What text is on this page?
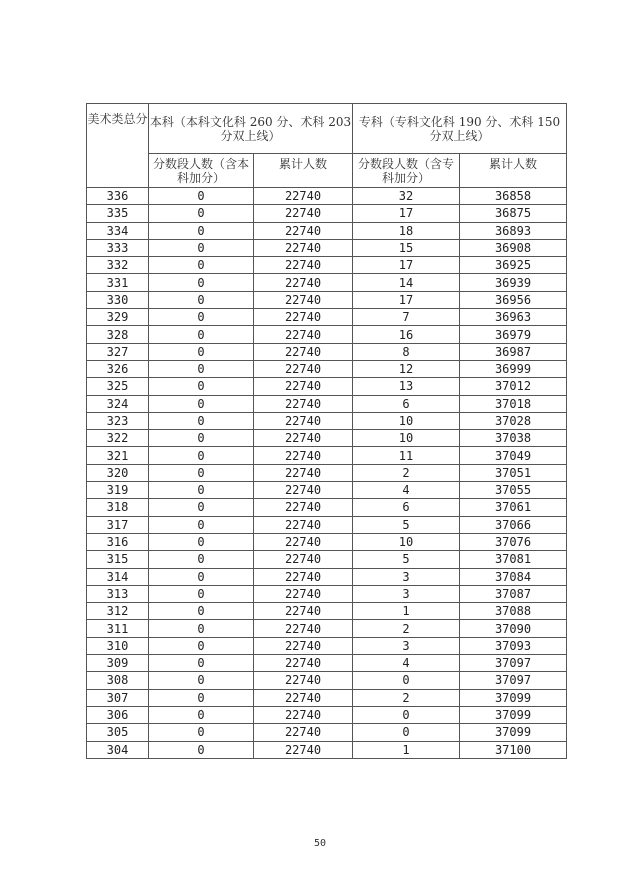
美术类总分	本科（本科文化科 260 分、术科 203 分双上线）		专科（专科文化科 190 分、术科 150 分双上线）	
	分数段人数（含本科加分）	累计人数	分数段人数（含专科加分）	累计人数
336	0	22740	32	36858
335	0	22740	17	36875
334	0	22740	18	36893
333	0	22740	15	36908
332	0	22740	17	36925
331	0	22740	14	36939
330	0	22740	17	36956
329	0	22740	7	36963
328	0	22740	16	36979
327	0	22740	8	36987
326	0	22740	12	36999
325	0	22740	13	37012
324	0	22740	6	37018
323	0	22740	10	37028
322	0	22740	10	37038
321	0	22740	11	37049
320	0	22740	2	37051
319	0	22740	4	37055
318	0	22740	6	37061
317	0	22740	5	37066
316	0	22740	10	37076
315	0	22740	5	37081
314	0	22740	3	37084
313	0	22740	3	37087
312	0	22740	1	37088
311	0	22740	2	37090
310	0	22740	3	37093
309	0	22740	4	37097
308	0	22740	0	37097
307	0	22740	2	37099
306	0	22740	0	37099
305	0	22740	0	37099
304	0	22740	1	37100
50
